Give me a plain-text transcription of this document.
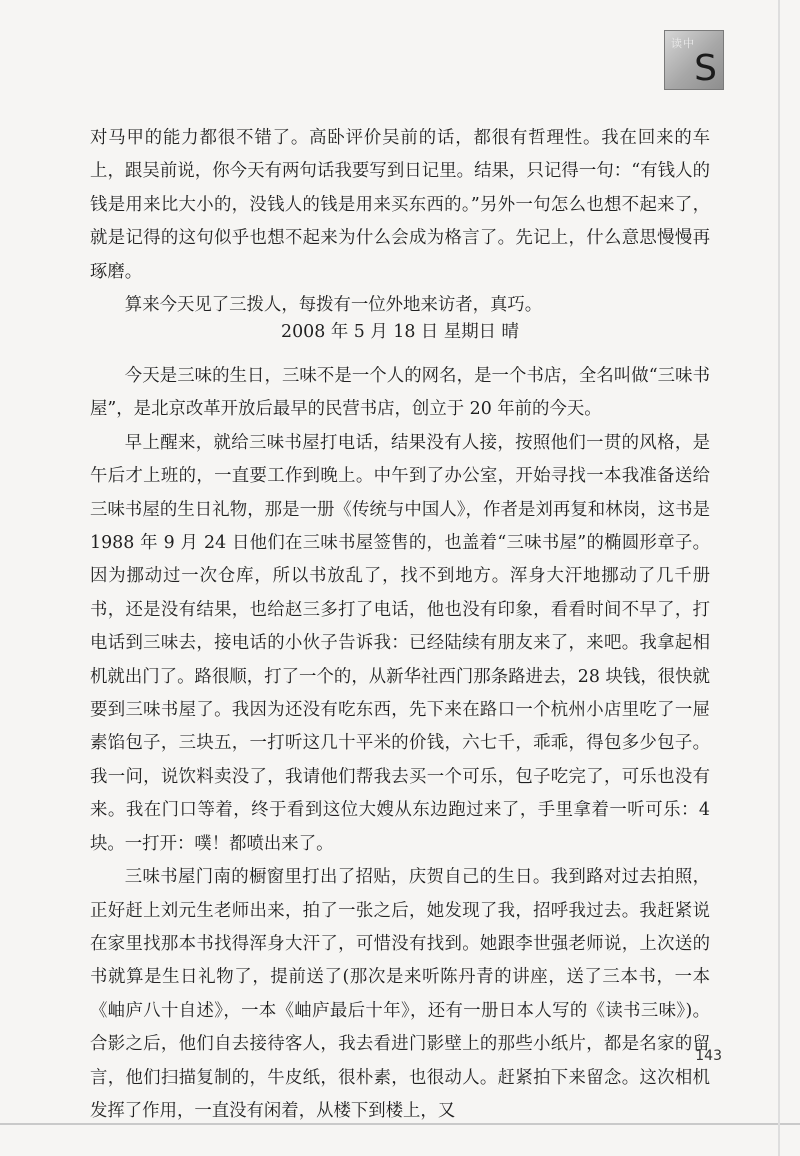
读中
S

对马甲的能力都很不错了。高卧评价吴前的话，都很有哲理性。我在回来的车上，跟吴前说，你今天有两句话我要写到日记里。结果，只记得一句：“有钱人的钱是用来比大小的，没钱人的钱是用来买东西的。”另外一句怎么也想不起来了，就是记得的这句似乎也想不起来为什么会成为格言了。先记上，什么意思慢慢再琢磨。

算来今天见了三拨人，每拨有一位外地来访者，真巧。

2008 年 5 月 18 日 星期日 晴

今天是三味的生日，三味不是一个人的网名，是一个书店，全名叫做“三味书屋”，是北京改革开放后最早的民营书店，创立于 20 年前的今天。

早上醒来，就给三味书屋打电话，结果没有人接，按照他们一贯的风格，是午后才上班的，一直要工作到晚上。中午到了办公室，开始寻找一本我准备送给三味书屋的生日礼物，那是一册《传统与中国人》，作者是刘再复和林岗，这书是 1988 年 9 月 24 日他们在三味书屋签售的，也盖着“三味书屋”的椭圆形章子。因为挪动过一次仓库，所以书放乱了，找不到地方。浑身大汗地挪动了几千册书，还是没有结果，也给赵三多打了电话，他也没有印象，看看时间不早了，打电话到三味去，接电话的小伙子告诉我：已经陆续有朋友来了，来吧。我拿起相机就出门了。路很顺，打了一个的，从新华社西门那条路进去，28 块钱，很快就要到三味书屋了。我因为还没有吃东西，先下来在路口一个杭州小店里吃了一屉素馅包子，三块五，一打听这几十平米的价钱，六七千，乖乖，得包多少包子。我一问，说饮料卖没了，我请他们帮我去买一个可乐，包子吃完了，可乐也没有来。我在门口等着，终于看到这位大嫂从东边跑过来了，手里拿着一听可乐：4 块。一打开：噗！都喷出来了。

三味书屋门南的橱窗里打出了招贴，庆贺自己的生日。我到路对过去拍照，正好赶上刘元生老师出来，拍了一张之后，她发现了我，招呼我过去。我赶紧说在家里找那本书找得浑身大汗了，可惜没有找到。她跟李世强老师说，上次送的书就算是生日礼物了，提前送了(那次是来听陈丹青的讲座，送了三本书，一本《岫庐八十自述》，一本《岫庐最后十年》，还有一册日本人写的《读书三味》)。合影之后，他们自去接待客人，我去看进门影壁上的那些小纸片，都是名家的留言，他们扫描复制的，牛皮纸，很朴素，也很动人。赶紧拍下来留念。这次相机发挥了作用，一直没有闲着，从楼下到楼上，又

143
